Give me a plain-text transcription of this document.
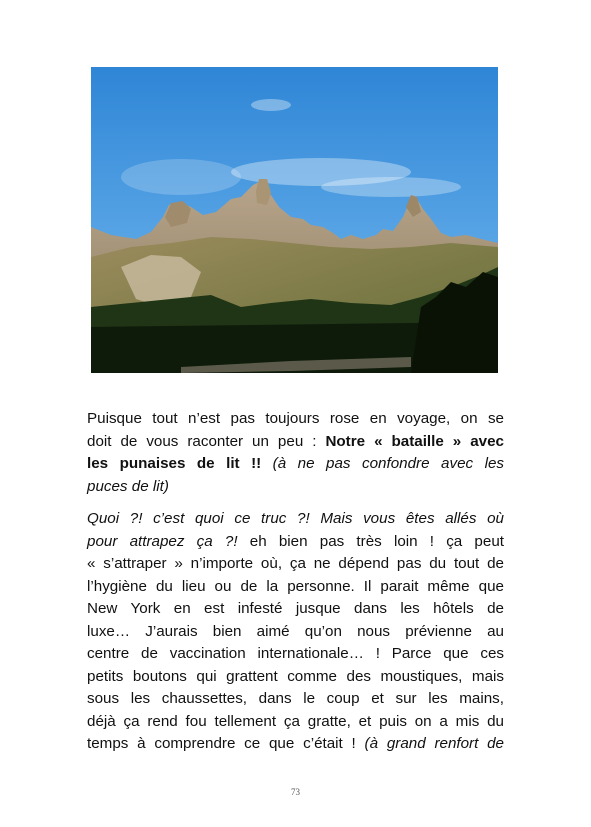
Puisque tout n’est pas toujours rose en voyage, on se
doit de vous raconter un peu : Notre « bataille » avec
les punaises de lit !! (à ne pas confondre avec les
puces de lit)

Quoi ?! c’est quoi ce truc ?! Mais vous êtes allés où
pour attrapez ça ?! eh bien pas très loin ! ça peut
« s’attraper » n’importe où, ça ne dépend pas du tout de
l’hygiène du lieu ou de la personne. Il parait même que
New York en est infesté jusque dans les hôtels de
luxe… J’aurais bien aimé qu’on nous prévienne au
centre de vaccination internationale… ! Parce que ces
petits boutons qui grattent comme des moustiques, mais
sous les chaussettes, dans le coup et sur les mains,
déjà ça rend fou tellement ça gratte, et puis on a mis du
temps à comprendre ce que c’était ! (à grand renfort de

73
